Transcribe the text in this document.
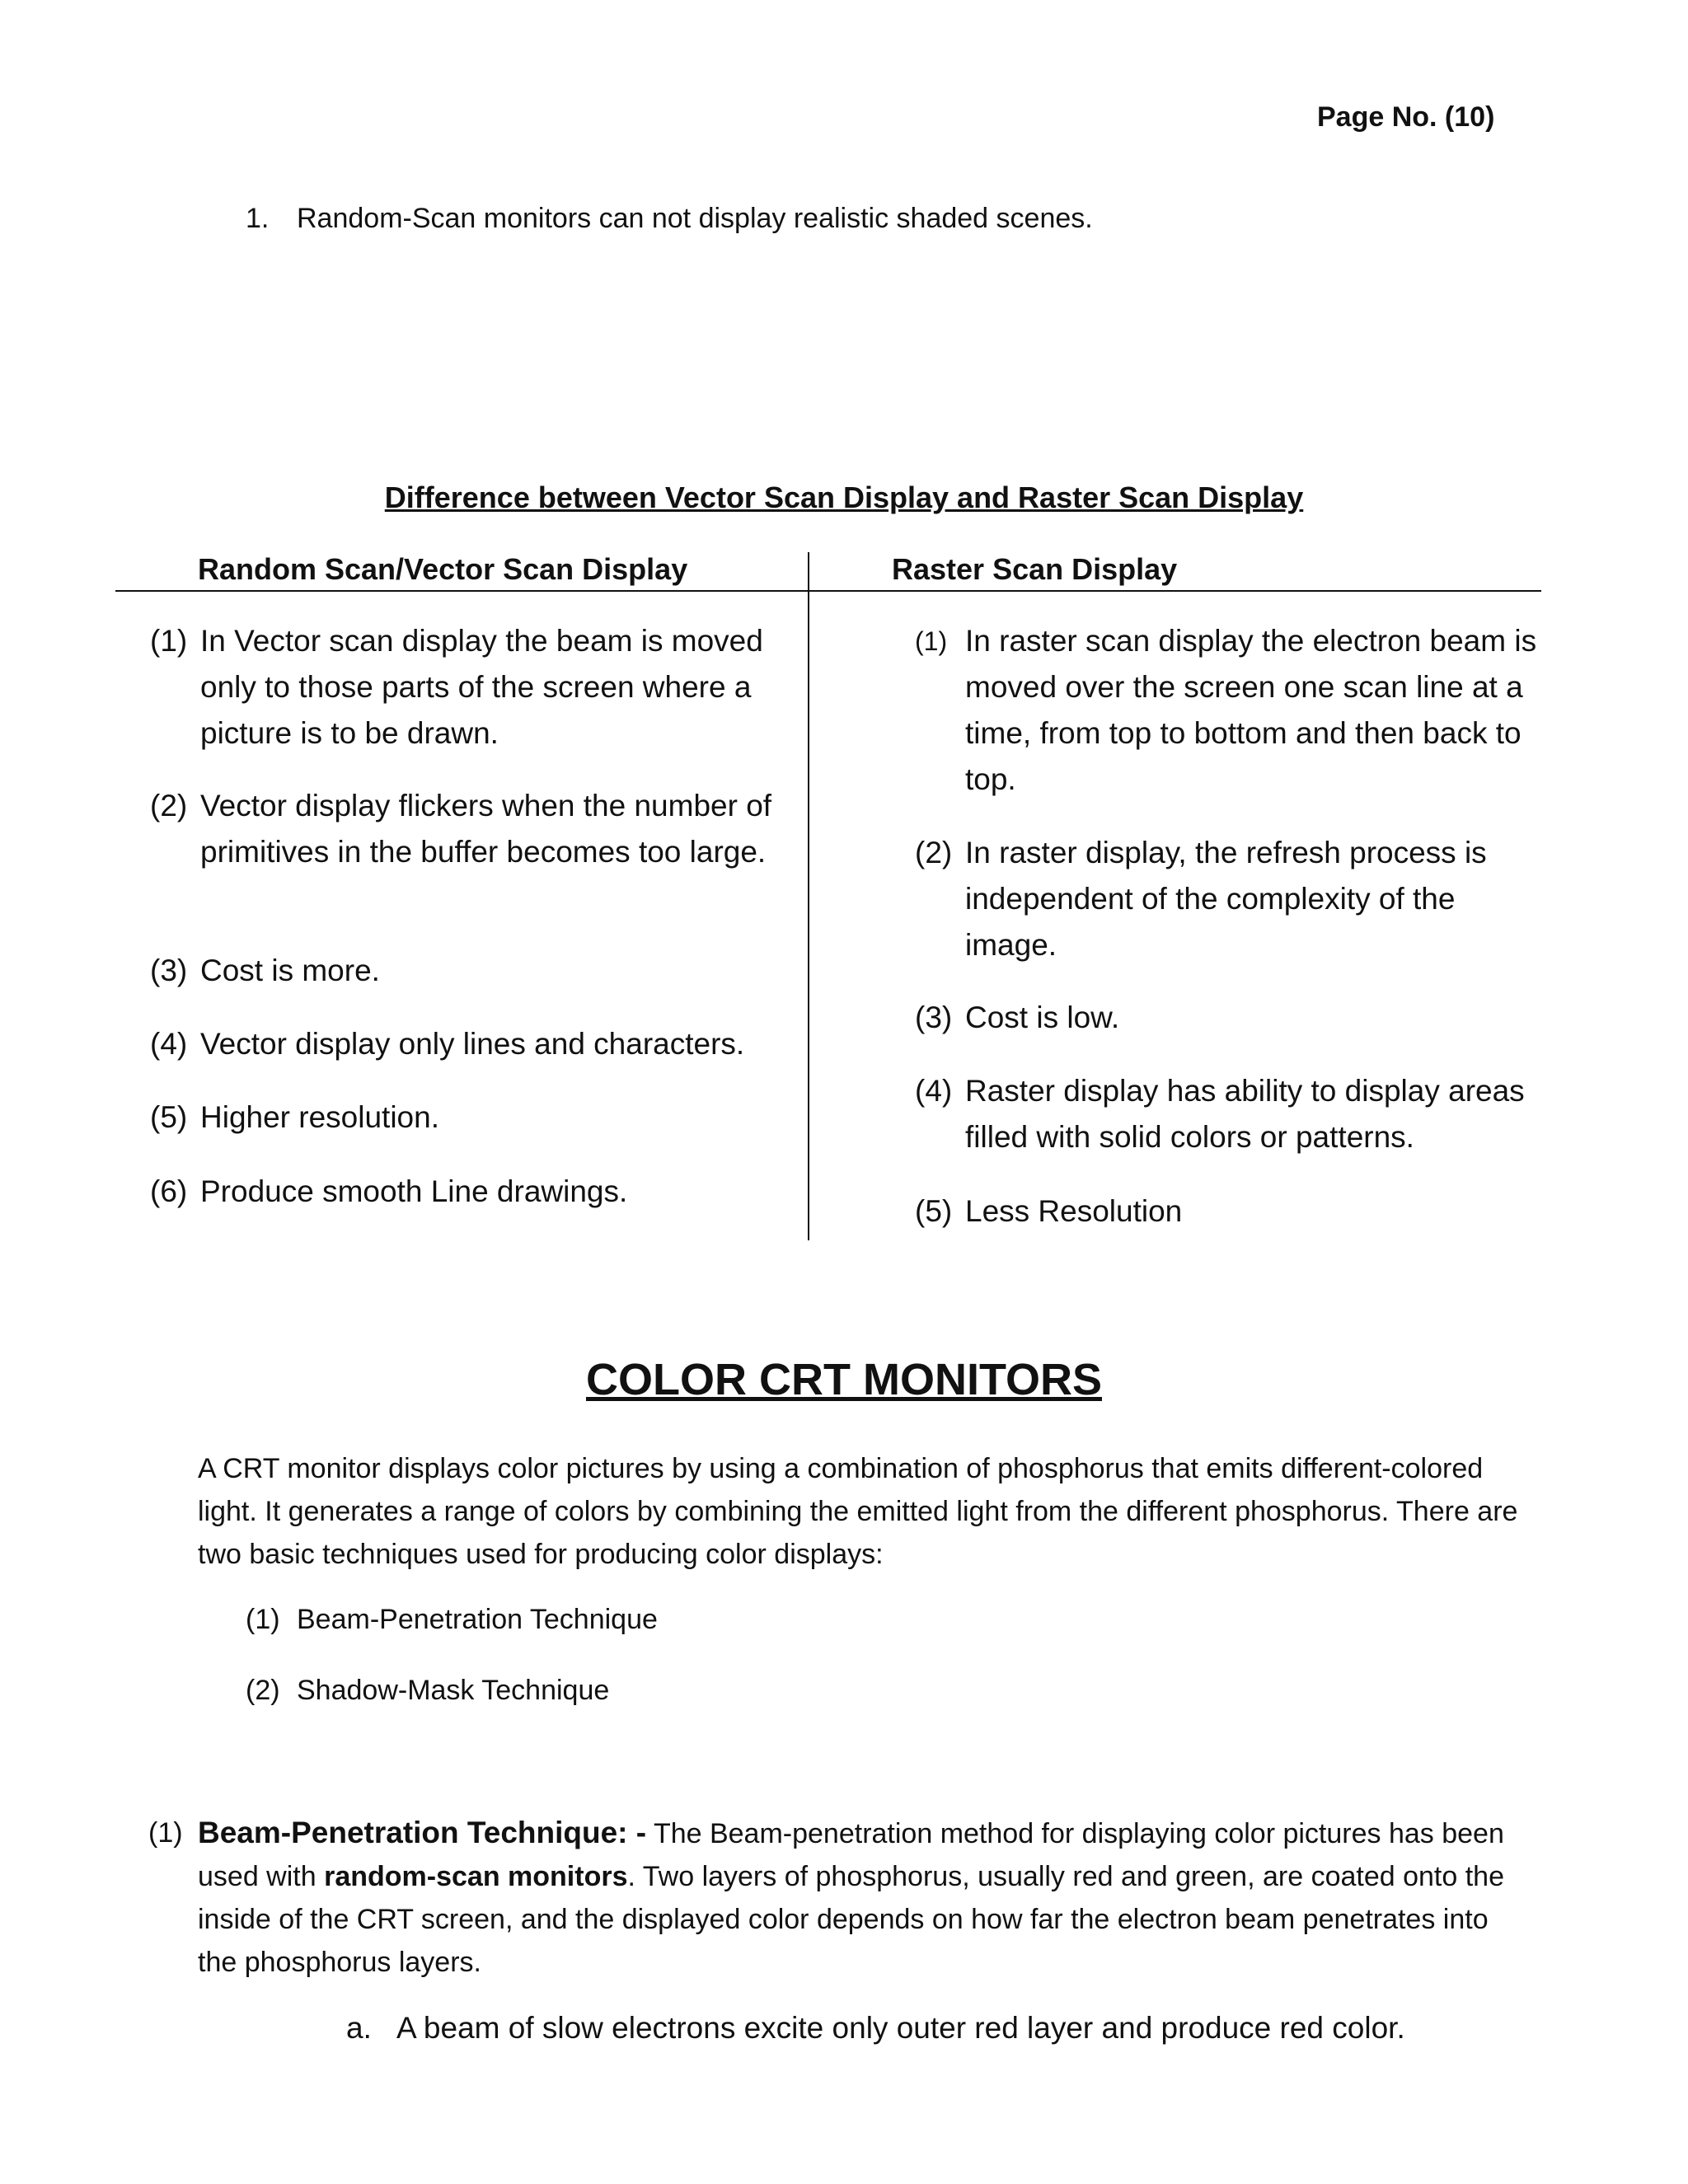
Page No. (10)
1. Random-Scan monitors can not display realistic shaded scenes.
Difference between Vector Scan Display and Raster Scan Display
Random Scan/Vector Scan Display	Raster Scan Display
(1) In Vector scan display the beam is moved only to those parts of the screen where a picture is to be drawn.
(2) Vector display flickers when the number of primitives in the buffer becomes too large.
(3) Cost is more.
(4) Vector display only lines and characters.
(5) Higher resolution.
(6) Produce smooth Line drawings.
(1) In raster scan display the electron beam is moved over the screen one scan line at a time, from top to bottom and then back to top.
(2) In raster display, the refresh process is independent of the complexity of the image.
(3) Cost is low.
(4) Raster display has ability to display areas filled with solid colors or patterns.
(5) Less Resolution
COLOR CRT MONITORS
A CRT monitor displays color pictures by using a combination of phosphorus that emits different-colored light. It generates a range of colors by combining the emitted light from the different phosphorus. There are two basic techniques used for producing color displays:
(1) Beam-Penetration Technique
(2) Shadow-Mask Technique
(1) Beam-Penetration Technique: - The Beam-penetration method for displaying color pictures has been used with random-scan monitors. Two layers of phosphorus, usually red and green, are coated onto the inside of the CRT screen, and the displayed color depends on how far the electron beam penetrates into the phosphorus layers.
a. A beam of slow electrons excite only outer red layer and produce red color.
